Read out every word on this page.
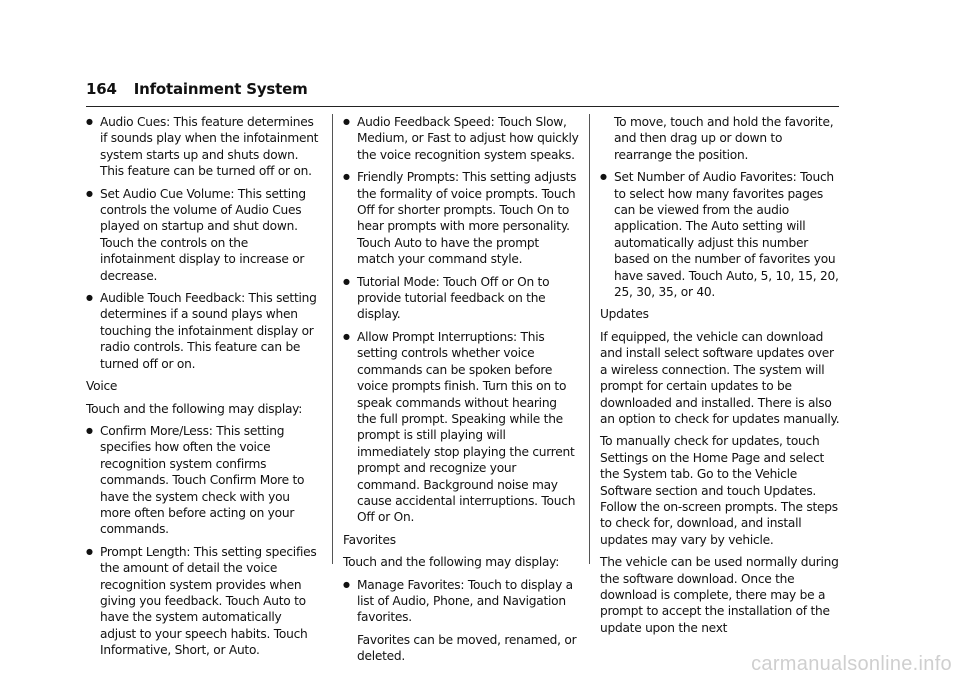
164 Infotainment System
● Audio Cues: This feature determines if sounds play when the infotainment system starts up and shuts down. This feature can be turned off or on.
● Set Audio Cue Volume: This setting controls the volume of Audio Cues played on startup and shut down. Touch the controls on the infotainment display to increase or decrease.
● Audible Touch Feedback: This setting determines if a sound plays when touching the infotainment display or radio controls. This feature can be turned off or on.

Voice

Touch and the following may display:

● Confirm More/Less: This setting specifies how often the voice recognition system confirms commands. Touch Confirm More to have the system check with you more often before acting on your commands.
● Prompt Length: This setting specifies the amount of detail the voice recognition system provides when giving you feedback. Touch Auto to have the system automatically adjust to your speech habits. Touch Informative, Short, or Auto.
● Audio Feedback Speed: Touch Slow, Medium, or Fast to adjust how quickly the voice recognition system speaks.
● Friendly Prompts: This setting adjusts the formality of voice prompts. Touch Off for shorter prompts. Touch On to hear prompts with more personality. Touch Auto to have the prompt match your command style.
● Tutorial Mode: Touch Off or On to provide tutorial feedback on the display.
● Allow Prompt Interruptions: This setting controls whether voice commands can be spoken before voice prompts finish. Turn this on to speak commands without hearing the full prompt. Speaking while the prompt is still playing will immediately stop playing the current prompt and recognize your command. Background noise may cause accidental interruptions. Touch Off or On.

Favorites

Touch and the following may display:

● Manage Favorites: Touch to display a list of Audio, Phone, and Navigation favorites.
Favorites can be moved, renamed, or deleted.
To move, touch and hold the favorite, and then drag up or down to rearrange the position.
● Set Number of Audio Favorites: Touch to select how many favorites pages can be viewed from the audio application. The Auto setting will automatically adjust this number based on the number of favorites you have saved. Touch Auto, 5, 10, 15, 20, 25, 30, 35, or 40.

Updates

If equipped, the vehicle can download and install select software updates over a wireless connection. The system will prompt for certain updates to be downloaded and installed. There is also an option to check for updates manually.

To manually check for updates, touch Settings on the Home Page and select the System tab. Go to the Vehicle Software section and touch Updates. Follow the on-screen prompts. The steps to check for, download, and install updates may vary by vehicle.

The vehicle can be used normally during the software download. Once the download is complete, there may be a prompt to accept the installation of the update upon the next

carmanualsonline.info
